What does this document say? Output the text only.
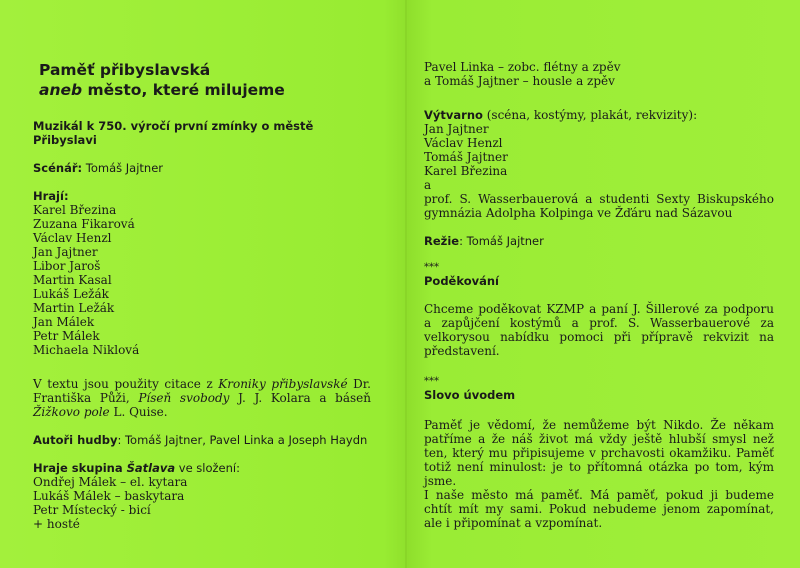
Paměť přibyslavská
aneb město, které milujeme
Muzikál k 750. výročí první zmínky o městě Přibyslavi
Scénář: Tomáš Jajtner
Hrají:
Karel Březina
Zuzana Fikarová
Václav Henzl
Jan Jajtner
Libor Jaroš
Martin Kasal
Lukáš Ležák
Martin Ležák
Jan Málek
Petr Málek
Michaela Niklová
V textu jsou použity citace z Kroniky přibyslavské Dr. Františka Půži, Píseň svobody J. J. Kolara a báseň Žižkovo pole L. Quise.
Autoři hudby: Tomáš Jajtner, Pavel Linka a Joseph Haydn
Hraje skupina Šatlava ve složení:
Ondřej Málek – el. kytara
Lukáš Málek – baskytara
Petr Místecký - bicí
+ hosté
Pavel Linka – zobc. flétny a zpěv
a Tomáš Jajtner – housle a zpěv
Výtvarno (scéna, kostýmy, plakát, rekvizity):
Jan Jajtner
Václav Henzl
Tomáš Jajtner
Karel Březina
a
prof. S. Wasserbauerová a studenti Sexty Biskupského gymnázia Adolpha Kolpinga ve Žďáru nad Sázavou
Režie: Tomáš Jajtner
***
Poděkování
Chceme poděkovat KZMP a paní J. Šillerové za podporu a zapůjčení kostýmů a prof. S. Wasserbauerové za velkorysou nabídku pomoci při přípravě rekvizit na představení.
***
Slovo úvodem
Paměť je vědomí, že nemůžeme být Nikdo. Že někam patříme a že náš život má vždy ještě hlubší smysl než ten, který mu připisujeme v prchavosti okamžiku. Paměť totiž není minulost: je to přítomná otázka po tom, kým jsme.
I naše město má paměť. Má paměť, pokud ji budeme chtít mít my sami. Pokud nebudeme jenom zapomínat, ale i připomínat a vzpomínat.
